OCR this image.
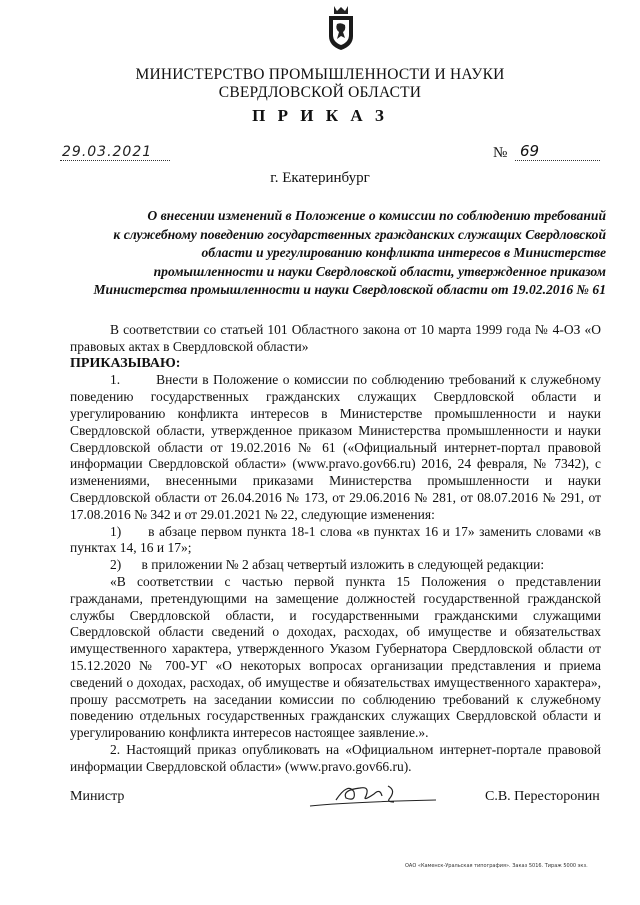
МИНИСТЕРСТВО ПРОМЫШЛЕННОСТИ И НАУКИ
СВЕРДЛОВСКОЙ ОБЛАСТИ
П Р И К А З
29.03.2021	№ 69
г. Екатеринбург
О внесении изменений в Положение о комиссии по соблюдению требований
к служебному поведению государственных гражданских служащих Свердловской
области и урегулированию конфликта интересов в Министерстве
промышленности и науки Свердловской области, утвержденное приказом
Министерства промышленности и науки Свердловской области от 19.02.2016 № 61

В соответствии со статьей 101 Областного закона от 10 марта 1999 года № 4-ОЗ «О правовых актах в Свердловской области»

ПРИКАЗЫВАЮ:

1.	Внести в Положение о комиссии по соблюдению требований к служебному поведению государственных гражданских служащих Свердловской области и урегулированию конфликта интересов в Министерстве промышленности и науки Свердловской области, утвержденное приказом Министерства промышленности и науки Свердловской области от 19.02.2016 № 61 («Официальный интернет-портал правовой информации Свердловской области» (www.pravo.gov66.ru) 2016, 24 февраля, № 7342), с изменениями, внесенными приказами Министерства промышленности и науки Свердловской области от 26.04.2016 № 173, от 29.06.2016 № 281, от 08.07.2016 № 291, от 17.08.2016 № 342 и от 29.01.2021 № 22, следующие изменения:

1) в абзаце первом пункта 18-1 слова «в пунктах 16 и 17» заменить словами «в пунктах 14, 16 и 17»;

2) в приложении № 2 абзац четвертый изложить в следующей редакции:

«В соответствии с частью первой пункта 15 Положения о представлении гражданами, претендующими на замещение должностей государственной гражданской службы Свердловской области, и государственными гражданскими служащими Свердловской области сведений о доходах, расходах, об имуществе и обязательствах имущественного характера, утвержденного Указом Губернатора Свердловской области от 15.12.2020 № 700-УГ «О некоторых вопросах организации представления и приема сведений о доходах, расходах, об имуществе и обязательствах имущественного характера», прошу рассмотреть на заседании комиссии по соблюдению требований к служебному поведению отдельных государственных гражданских служащих Свердловской области и урегулированию конфликта интересов настоящее заявление.».

2. Настоящий приказ опубликовать на «Официальном интернет-портале правовой информации Свердловской области» (www.pravo.gov66.ru).

Министр	С.В. Пересторонин
ОАО «Каменск-Уральская типография». Заказ 5016. Тираж 5000 экз.
